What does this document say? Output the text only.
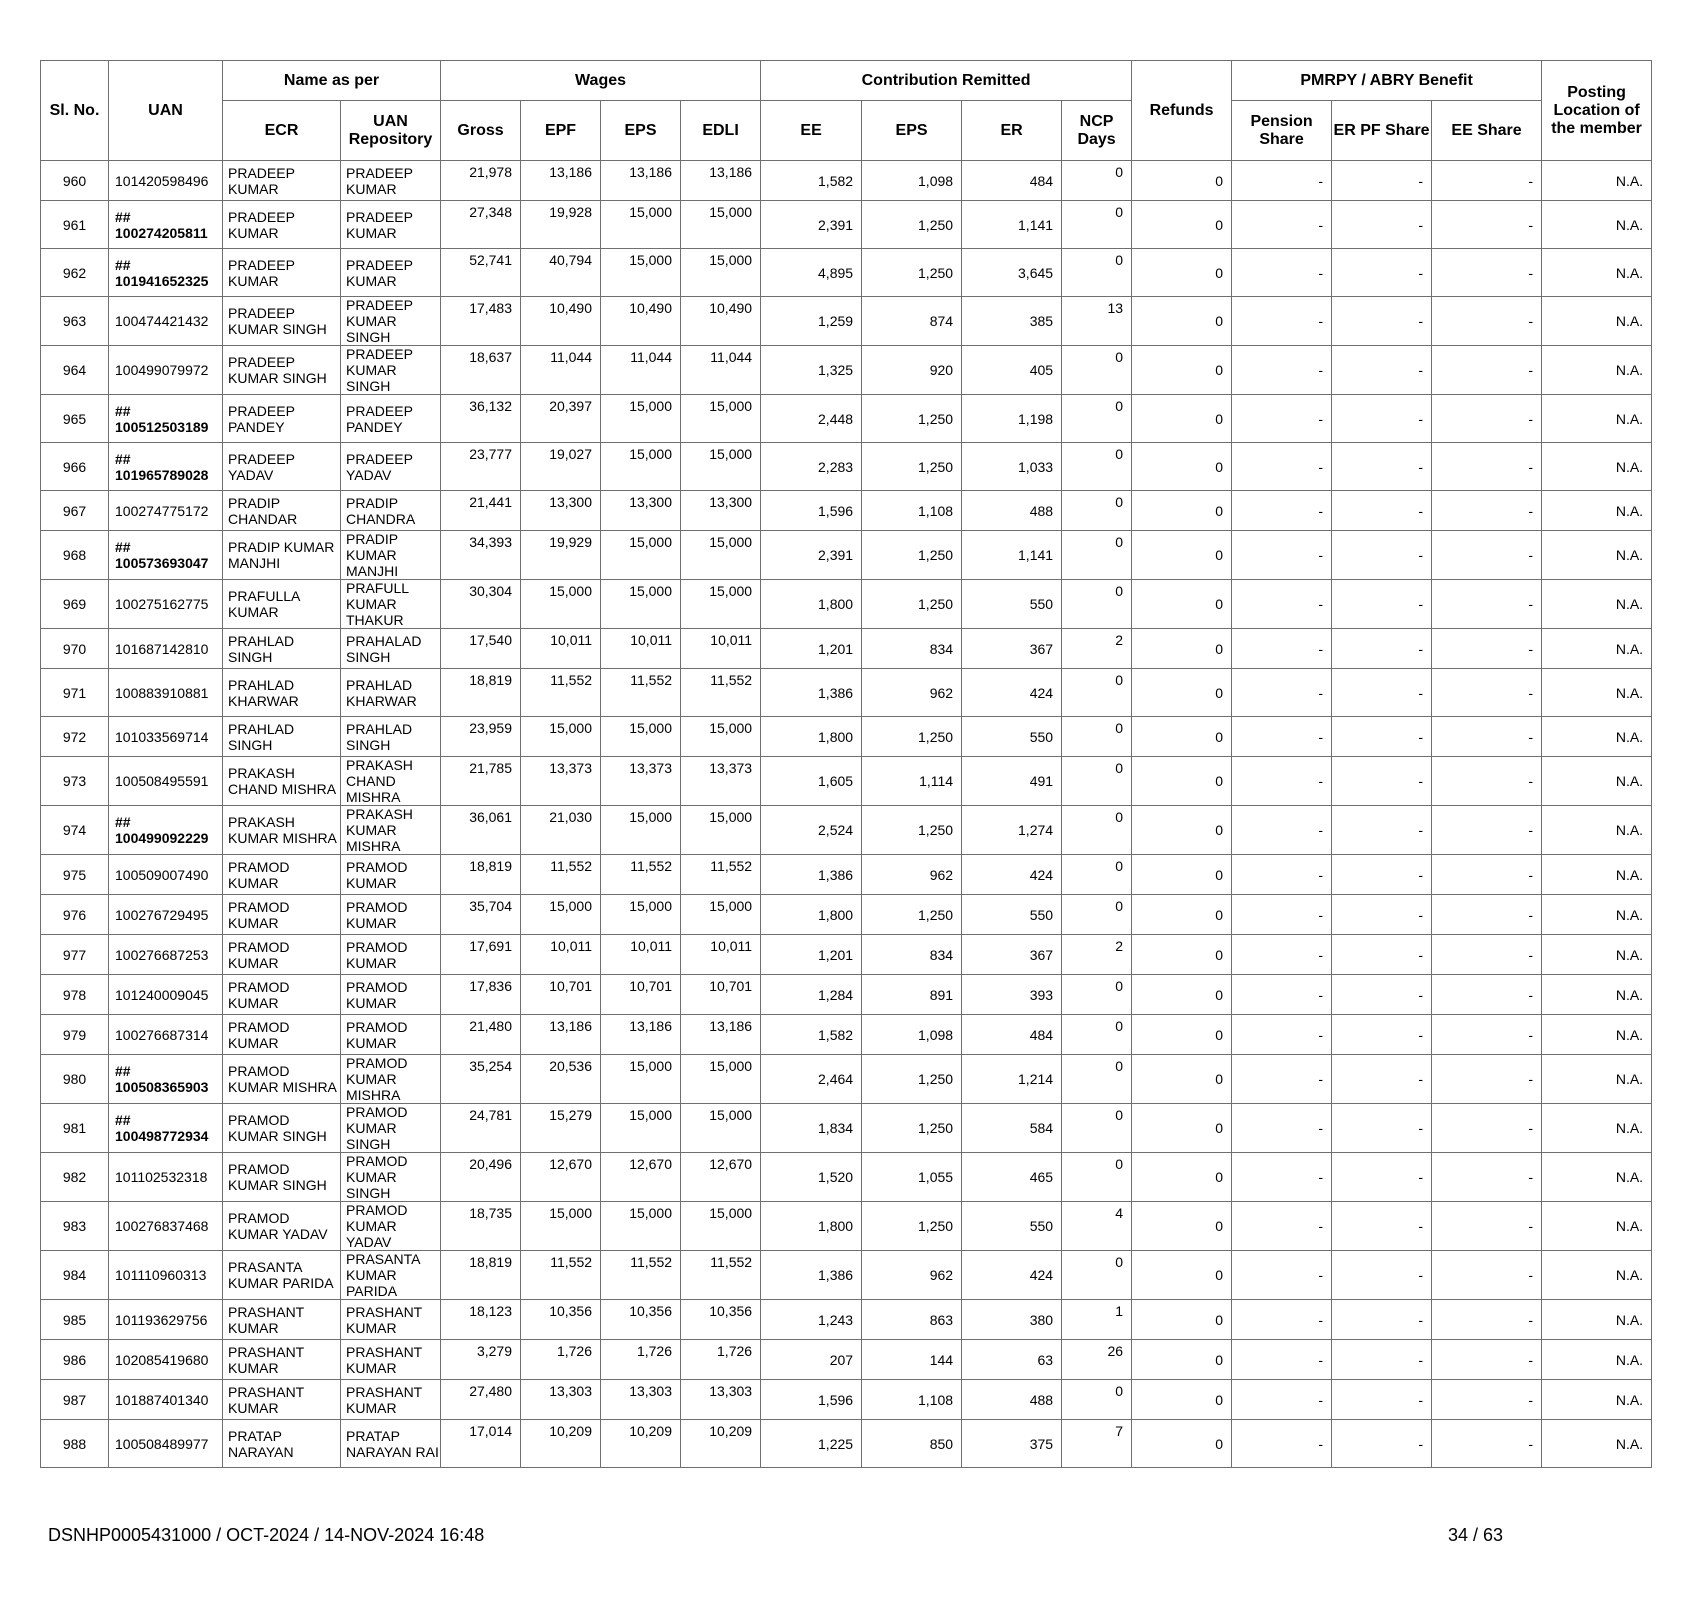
Sl. No.	UAN	Name as per		Wages				Contribution Remitted				Refunds	PMRPY / ABRY Benefit			Posting Location of the member
		ECR	UAN Repository	Gross	EPF	EPS	EDLI	EE	EPS	ER	NCP Days		Pension Share	ER PF Share	EE Share	
960	101420598496	PRADEEP KUMAR	PRADEEP KUMAR	21,978	13,186	13,186	13,186	1,582	1,098	484	0	0	-	-	-	N.A.
961	## 100274205811	PRADEEP KUMAR	PRADEEP KUMAR	27,348	19,928	15,000	15,000	2,391	1,250	1,141	0	0	-	-	-	N.A.
962	## 101941652325	PRADEEP KUMAR	PRADEEP KUMAR	52,741	40,794	15,000	15,000	4,895	1,250	3,645	0	0	-	-	-	N.A.
963	100474421432	PRADEEP KUMAR SINGH	PRADEEP KUMAR SINGH	17,483	10,490	10,490	10,490	1,259	874	385	13	0	-	-	-	N.A.
964	100499079972	PRADEEP KUMAR SINGH	PRADEEP KUMAR SINGH	18,637	11,044	11,044	11,044	1,325	920	405	0	0	-	-	-	N.A.
965	## 100512503189	PRADEEP PANDEY	PRADEEP PANDEY	36,132	20,397	15,000	15,000	2,448	1,250	1,198	0	0	-	-	-	N.A.
966	## 101965789028	PRADEEP YADAV	PRADEEP YADAV	23,777	19,027	15,000	15,000	2,283	1,250	1,033	0	0	-	-	-	N.A.
967	100274775172	PRADIP CHANDAR	PRADIP CHANDRA	21,441	13,300	13,300	13,300	1,596	1,108	488	0	0	-	-	-	N.A.
968	## 100573693047	PRADIP KUMAR MANJHI	PRADIP KUMAR MANJHI	34,393	19,929	15,000	15,000	2,391	1,250	1,141	0	0	-	-	-	N.A.
969	100275162775	PRAFULLA KUMAR	PRAFULL KUMAR THAKUR	30,304	15,000	15,000	15,000	1,800	1,250	550	0	0	-	-	-	N.A.
970	101687142810	PRAHLAD SINGH	PRAHALAD SINGH	17,540	10,011	10,011	10,011	1,201	834	367	2	0	-	-	-	N.A.
971	100883910881	PRAHLAD KHARWAR	PRAHLAD KHARWAR	18,819	11,552	11,552	11,552	1,386	962	424	0	0	-	-	-	N.A.
972	101033569714	PRAHLAD SINGH	PRAHLAD SINGH	23,959	15,000	15,000	15,000	1,800	1,250	550	0	0	-	-	-	N.A.
973	100508495591	PRAKASH CHAND MISHRA	PRAKASH CHAND MISHRA	21,785	13,373	13,373	13,373	1,605	1,114	491	0	0	-	-	-	N.A.
974	## 100499092229	PRAKASH KUMAR MISHRA	PRAKASH KUMAR MISHRA	36,061	21,030	15,000	15,000	2,524	1,250	1,274	0	0	-	-	-	N.A.
975	100509007490	PRAMOD KUMAR	PRAMOD KUMAR	18,819	11,552	11,552	11,552	1,386	962	424	0	0	-	-	-	N.A.
976	100276729495	PRAMOD KUMAR	PRAMOD KUMAR	35,704	15,000	15,000	15,000	1,800	1,250	550	0	0	-	-	-	N.A.
977	100276687253	PRAMOD KUMAR	PRAMOD KUMAR	17,691	10,011	10,011	10,011	1,201	834	367	2	0	-	-	-	N.A.
978	101240009045	PRAMOD KUMAR	PRAMOD KUMAR	17,836	10,701	10,701	10,701	1,284	891	393	0	0	-	-	-	N.A.
979	100276687314	PRAMOD KUMAR	PRAMOD KUMAR	21,480	13,186	13,186	13,186	1,582	1,098	484	0	0	-	-	-	N.A.
980	## 100508365903	PRAMOD KUMAR MISHRA	PRAMOD KUMAR MISHRA	35,254	20,536	15,000	15,000	2,464	1,250	1,214	0	0	-	-	-	N.A.
981	## 100498772934	PRAMOD KUMAR SINGH	PRAMOD KUMAR SINGH	24,781	15,279	15,000	15,000	1,834	1,250	584	0	0	-	-	-	N.A.
982	101102532318	PRAMOD KUMAR SINGH	PRAMOD KUMAR SINGH	20,496	12,670	12,670	12,670	1,520	1,055	465	0	0	-	-	-	N.A.
983	100276837468	PRAMOD KUMAR YADAV	PRAMOD KUMAR YADAV	18,735	15,000	15,000	15,000	1,800	1,250	550	4	0	-	-	-	N.A.
984	101110960313	PRASANTA KUMAR PARIDA	PRASANTA KUMAR PARIDA	18,819	11,552	11,552	11,552	1,386	962	424	0	0	-	-	-	N.A.
985	101193629756	PRASHANT KUMAR	PRASHANT KUMAR	18,123	10,356	10,356	10,356	1,243	863	380	1	0	-	-	-	N.A.
986	102085419680	PRASHANT KUMAR	PRASHANT KUMAR	3,279	1,726	1,726	1,726	207	144	63	26	0	-	-	-	N.A.
987	101887401340	PRASHANT KUMAR	PRASHANT KUMAR	27,480	13,303	13,303	13,303	1,596	1,108	488	0	0	-	-	-	N.A.
988	100508489977	PRATAP NARAYAN	PRATAP NARAYAN RAI	17,014	10,209	10,209	10,209	1,225	850	375	7	0	-	-	-	N.A.
DSNHP0005431000 / OCT-2024 / 14-NOV-2024 16:48	34 / 63
